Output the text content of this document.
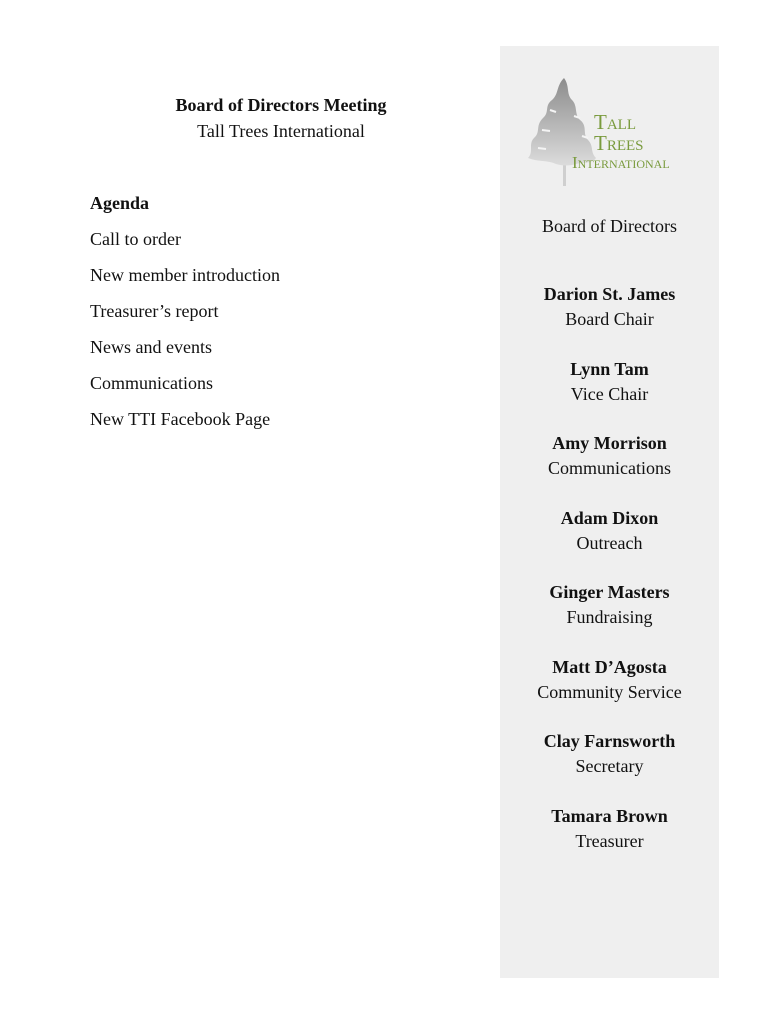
Board of Directors Meeting

Tall Trees International

Agenda

Call to order
New member introduction
Treasurer’s report
News and events
Communications
New TTI Facebook Page
Tall
Trees
International
Board of Directors
Darion St. James
Board Chair
Lynn Tam
Vice Chair
Amy Morrison
Communications
Adam Dixon
Outreach
Ginger Masters
Fundraising
Matt D’Agosta
Community Service
Clay Farnsworth
Secretary
Tamara Brown
Treasurer
